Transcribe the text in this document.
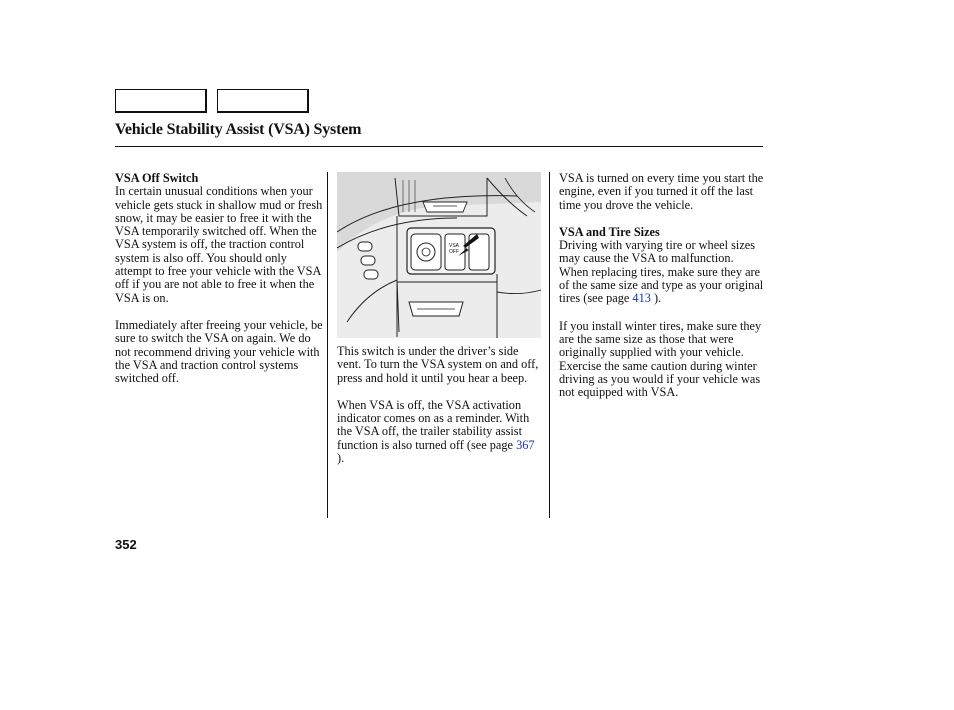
Vehicle Stability Assist (VSA) System
VSA Off Switch

In certain unusual conditions when your vehicle gets stuck in shallow mud or fresh snow, it may be easier to free it with the VSA temporarily switched off. When the VSA system is off, the traction control system is also off. You should only attempt to free your vehicle with the VSA off if you are not able to free it when the VSA is on.

Immediately after freeing your vehicle, be sure to switch the VSA on again. We do not recommend driving your vehicle with the VSA and traction control systems switched off.

VSA
OFF

This switch is under the driver’s side vent. To turn the VSA system on and off, press and hold it until you hear a beep.

When VSA is off, the VSA activation indicator comes on as a reminder. With the VSA off, the trailer stability assist function is also turned off (see page 367 ).

VSA is turned on every time you start the engine, even if you turned it off the last time you drove the vehicle.

VSA and Tire Sizes

Driving with varying tire or wheel sizes may cause the VSA to malfunction. When replacing tires, make sure they are of the same size and type as your original tires (see page 413 ).

If you install winter tires, make sure they are the same size as those that were originally supplied with your vehicle. Exercise the same caution during winter driving as you would if your vehicle was not equipped with VSA.

352
